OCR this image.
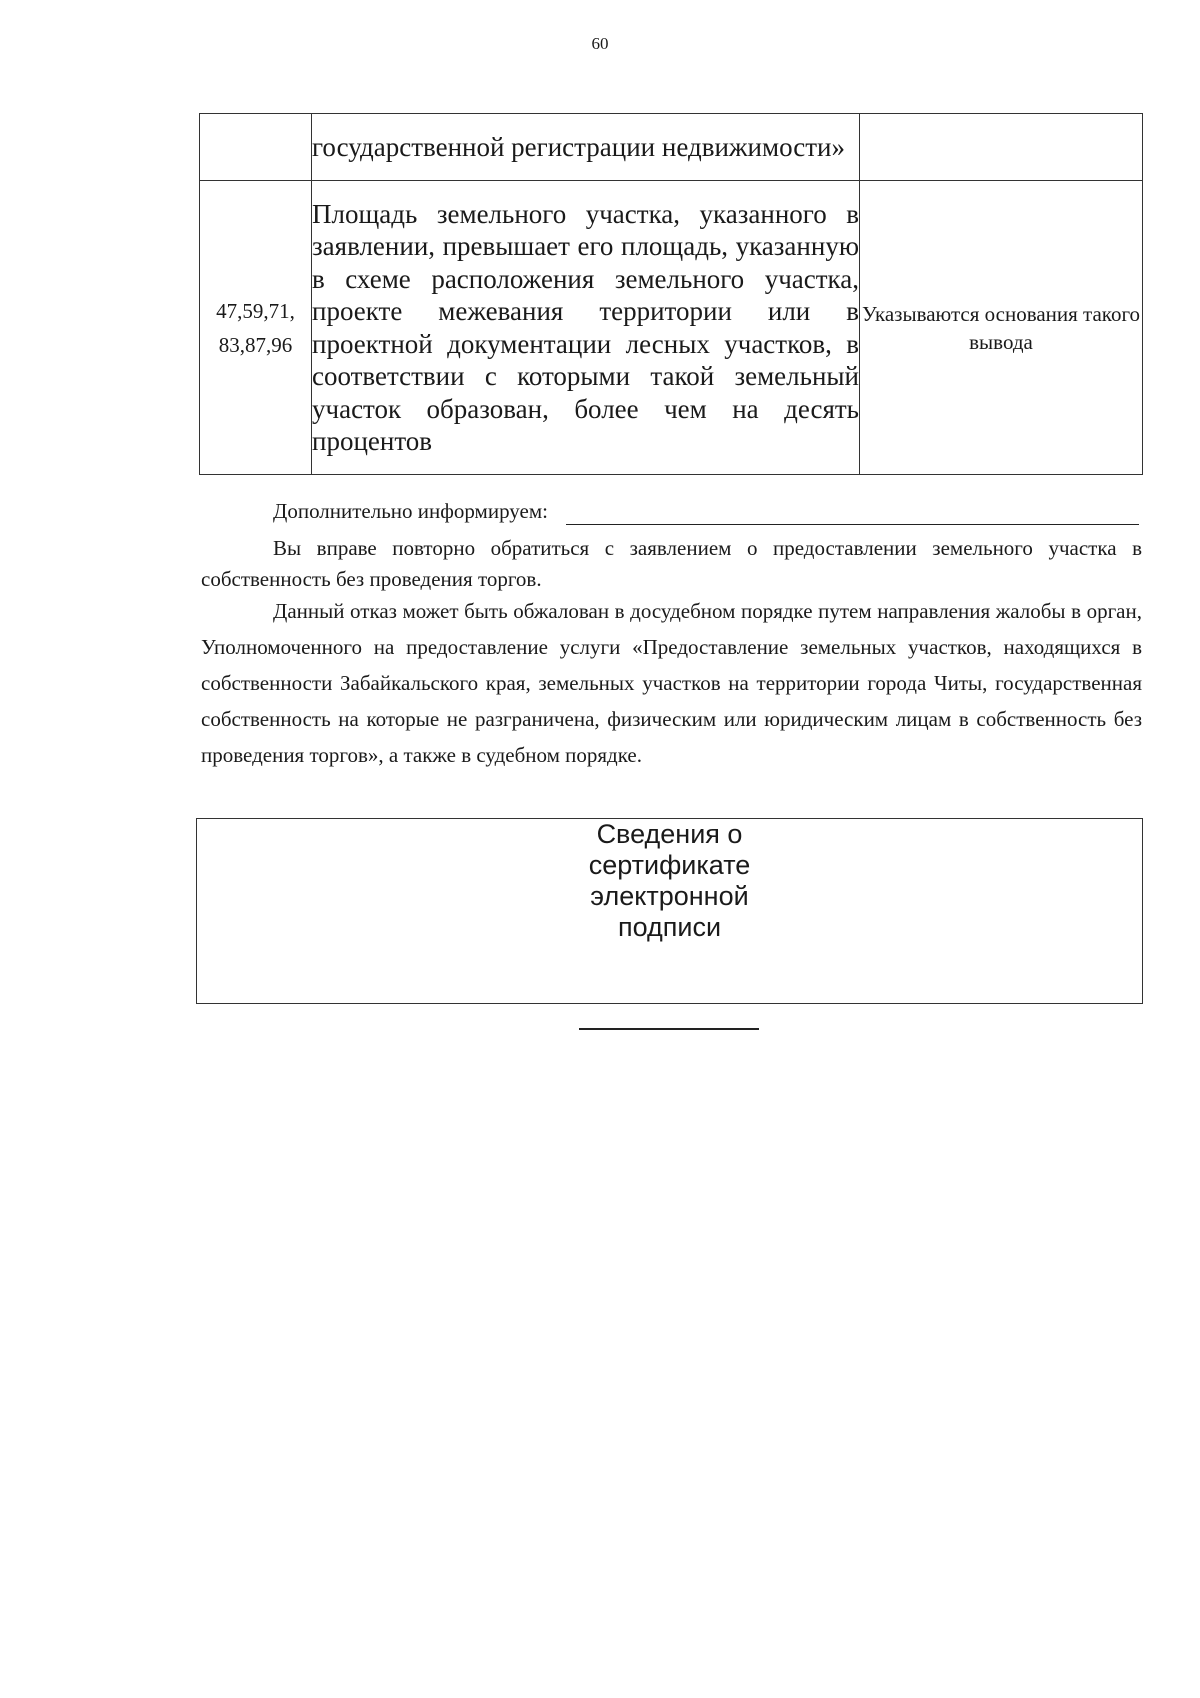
60
	государственной регистрации недвижимости»	
47,59,71, 83,87,96	Площадь земельного участка, указанного в заявлении, превышает его площадь, указанную в схеме расположения земельного участка, проекте межевания территории или в проектной документации лесных участков, в соответствии с которыми такой земельный участок образован, более чем на десять процентов	Указываются основания такого вывода

Дополнительно информируем:

Вы вправе повторно обратиться с заявлением о предоставлении земельного участка в собственность без проведения торгов.

Данный отказ может быть обжалован в досудебном порядке путем направления жалобы в орган, Уполномоченного на предоставление услуги «Предоставление земельных участков, находящихся в собственности Забайкальского края, земельных участков на территории города Читы, государственная собственность на которые не разграничена, физическим или юридическим лицам в собственность без проведения торгов», а также в судебном порядке.

Сведения о сертификате электронной подписи
